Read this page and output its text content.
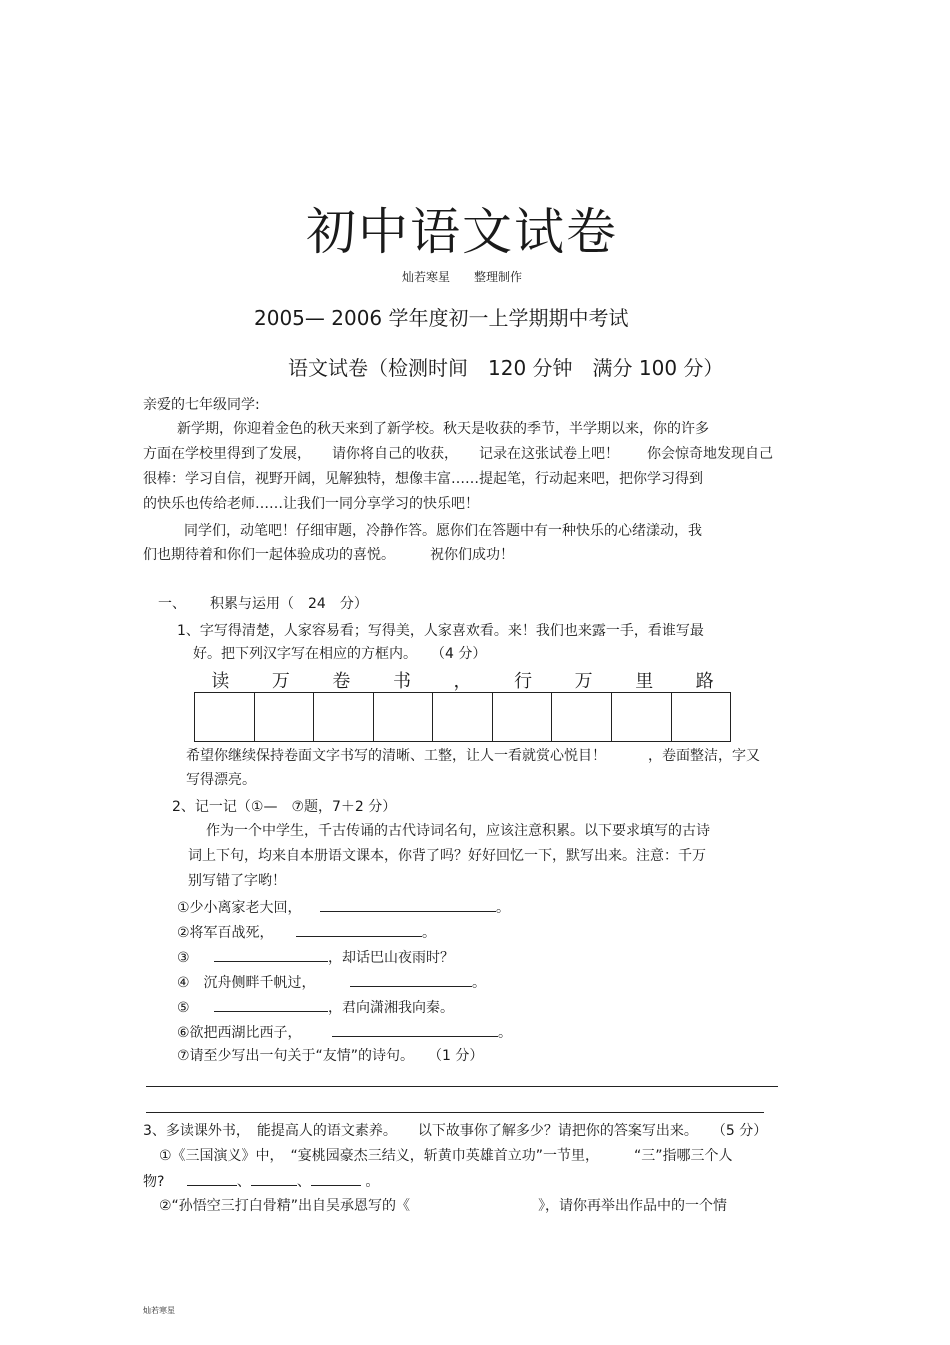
初中语文试卷
灿若寒星　　整理制作
2005— 2006 学年度初一上学期期中考试
语文试卷（检测时间　120 分钟　满分 100 分）
亲爱的七年级同学:
新学期，你迎着金色的秋天来到了新学校。秋天是收获的季节，半学期以来，你的许多
方面在学校里得到了发展，　　请你将自己的收获，　　记录在这张试卷上吧！　　你会惊奇地发现自己
很棒：学习自信，视野开阔，见解独特，想像丰富……提起笔，行动起来吧，把你学习得到
的快乐也传给老师……让我们一同分享学习的快乐吧！
同学们，动笔吧！仔细审题，冷静作答。愿你们在答题中有一种快乐的心绪漾动，我
们也期待着和你们一起体验成功的喜悦。　　　祝你们成功！
一、 积累与运用（　24　分）
1、字写得清楚，人家容易看；写得美，人家喜欢看。来！我们也来露一手，看谁写最
好。把下列汉字写在相应的方框内。　　（4 分）
读	万	卷	书	，	行	万	里	路
希望你继续保持卷面文字书写的清晰、工整，让人一看就赏心悦目！　　　，卷面整洁，字又
写得漂亮。
2、记一记（①—　⑦题，7＋2 分）
作为一个中学生，千古传诵的古代诗词名句，应该注意积累。以下要求填写的古诗
词上下句，均来自本册语文课本，你背了吗？好好回忆一下，默写出来。注意：千万
别写错了字哟！
①少小离家老大回，	。
②将军百战死，	。
③	，却话巴山夜雨时？
④　沉舟侧畔千帆过，	。
⑤	，君向潇湘我向秦。
⑥欲把西湖比西子，	。
⑦请至少写出一句关于“友情”的诗句。　　（1 分）
3、多读课外书，　能提高人的语文素养。　　以下故事你了解多少？请把你的答案写出来。　　（5 分）
①《三国演义》中，　“宴桃园豪杰三结义，斩黄巾英雄首立功”一节里，　　　“三”指哪三个人
物?	、	、	。
②“孙悟空三打白骨精”出自吴承恩写的《	》，请你再举出作品中的一个情
灿若寒星
